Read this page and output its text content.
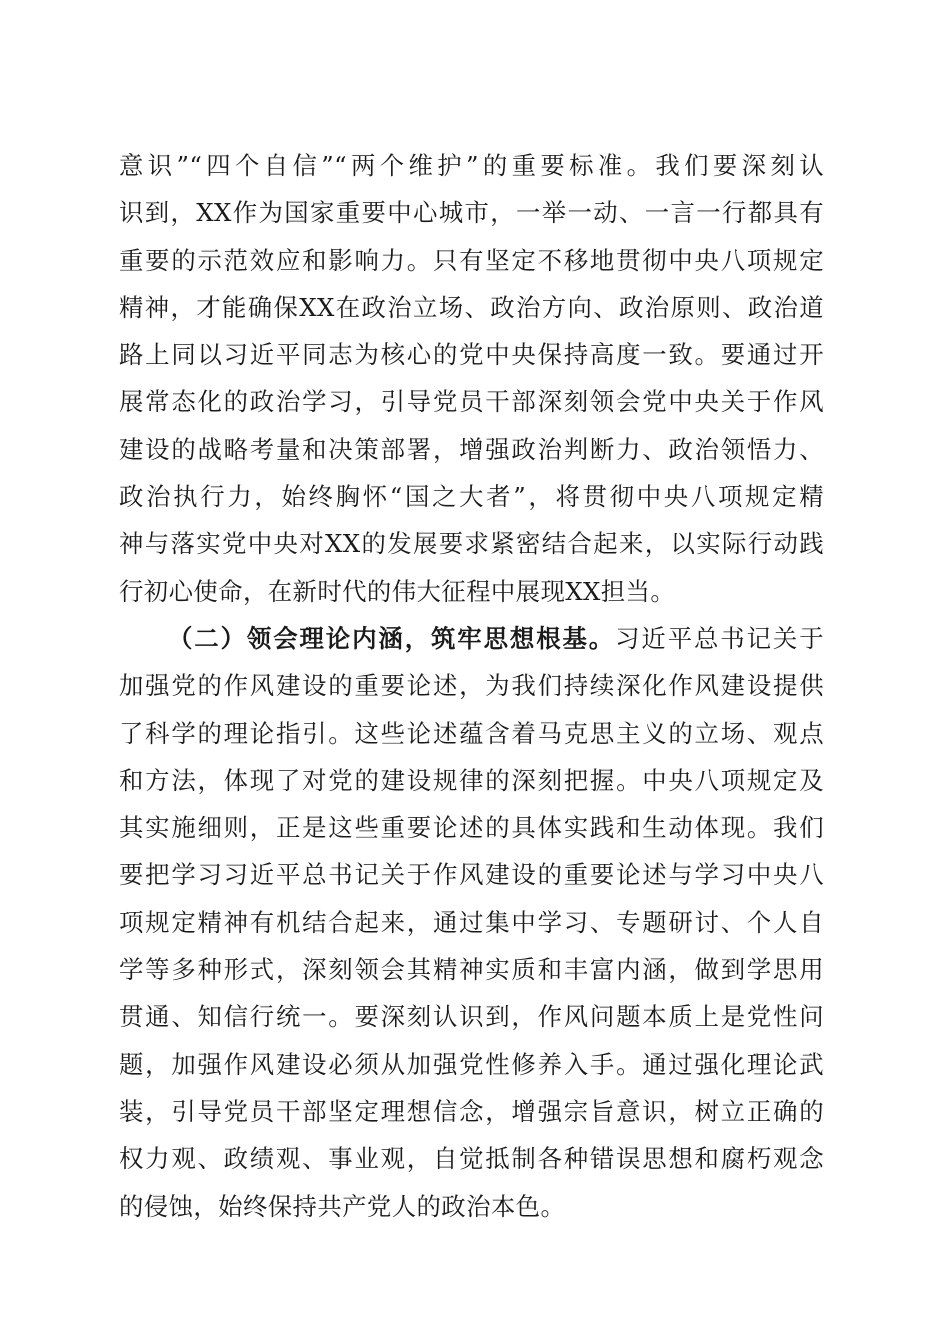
意识”“四个自信”“两个维护”的重要标准。我们要深刻认
识到，XX作为国家重要中心城市，一举一动、一言一行都具有
重要的示范效应和影响力。只有坚定不移地贯彻中央八项规定
精神，才能确保XX在政治立场、政治方向、政治原则、政治道
路上同以习近平同志为核心的党中央保持高度一致。要通过开
展常态化的政治学习，引导党员干部深刻领会党中央关于作风
建设的战略考量和决策部署，增强政治判断力、政治领悟力、
政治执行力，始终胸怀“国之大者”，将贯彻中央八项规定精
神与落实党中央对XX的发展要求紧密结合起来，以实际行动践
行初心使命，在新时代的伟大征程中展现XX担当。
（二）领会理论内涵，筑牢思想根基。习近平总书记关于
加强党的作风建设的重要论述，为我们持续深化作风建设提供
了科学的理论指引。这些论述蕴含着马克思主义的立场、观点
和方法，体现了对党的建设规律的深刻把握。中央八项规定及
其实施细则，正是这些重要论述的具体实践和生动体现。我们
要把学习习近平总书记关于作风建设的重要论述与学习中央八
项规定精神有机结合起来，通过集中学习、专题研讨、个人自
学等多种形式，深刻领会其精神实质和丰富内涵，做到学思用
贯通、知信行统一。要深刻认识到，作风问题本质上是党性问
题，加强作风建设必须从加强党性修养入手。通过强化理论武
装，引导党员干部坚定理想信念，增强宗旨意识，树立正确的
权力观、政绩观、事业观，自觉抵制各种错误思想和腐朽观念
的侵蚀，始终保持共产党人的政治本色。
